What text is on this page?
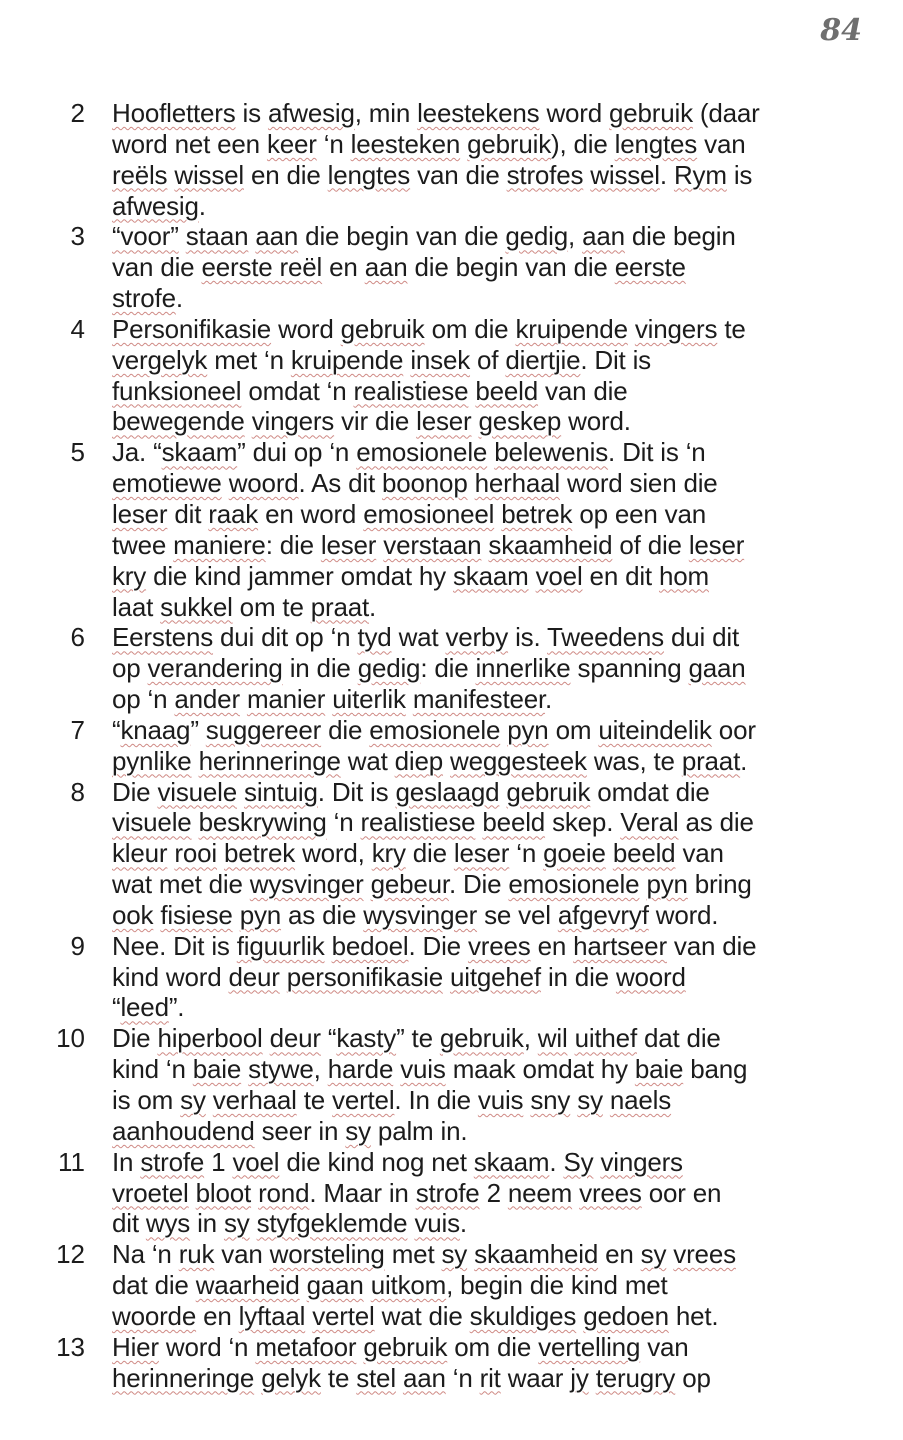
84
2 Hoofletters is afwesig, min leestekens word gebruik (daar
word net een keer ‘n leesteken gebruik), die lengtes van
reëls wissel en die lengtes van die strofes wissel. Rym is
afwesig.
3 “voor” staan aan die begin van die gedig, aan die begin
van die eerste reël en aan die begin van die eerste
strofe.
4 Personifikasie word gebruik om die kruipende vingers te
vergelyk met ‘n kruipende insek of diertjie. Dit is
funksioneel omdat ‘n realistiese beeld van die
bewegende vingers vir die leser geskep word.
5 Ja. “skaam” dui op ‘n emosionele belewenis. Dit is ‘n
emotiewe woord. As dit boonop herhaal word sien die
leser dit raak en word emosioneel betrek op een van
twee maniere: die leser verstaan skaamheid of die leser
kry die kind jammer omdat hy skaam voel en dit hom
laat sukkel om te praat.
6 Eerstens dui dit op ‘n tyd wat verby is. Tweedens dui dit
op verandering in die gedig: die innerlike spanning gaan
op ‘n ander manier uiterlik manifesteer.
7 “knaag” suggereer die emosionele pyn om uiteindelik oor
pynlike herinneringe wat diep weggesteek was, te praat.
8 Die visuele sintuig. Dit is geslaagd gebruik omdat die
visuele beskrywing ‘n realistiese beeld skep. Veral as die
kleur rooi betrek word, kry die leser ‘n goeie beeld van
wat met die wysvinger gebeur. Die emosionele pyn bring
ook fisiese pyn as die wysvinger se vel afgevryf word.
9 Nee. Dit is figuurlik bedoel. Die vrees en hartseer van die
kind word deur personifikasie uitgehef in die woord
“leed”.
10 Die hiperbool deur “kasty” te gebruik, wil uithef dat die
kind ‘n baie stywe, harde vuis maak omdat hy baie bang
is om sy verhaal te vertel. In die vuis sny sy naels
aanhoudend seer in sy palm in.
11 In strofe 1 voel die kind nog net skaam. Sy vingers
vroetel bloot rond. Maar in strofe 2 neem vrees oor en
dit wys in sy styfgeklemde vuis.
12 Na ‘n ruk van worsteling met sy skaamheid en sy vrees
dat die waarheid gaan uitkom, begin die kind met
woorde en lyftaal vertel wat die skuldiges gedoen het.
13 Hier word ‘n metafoor gebruik om die vertelling van
herinneringe gelyk te stel aan ‘n rit waar jy terugry op
